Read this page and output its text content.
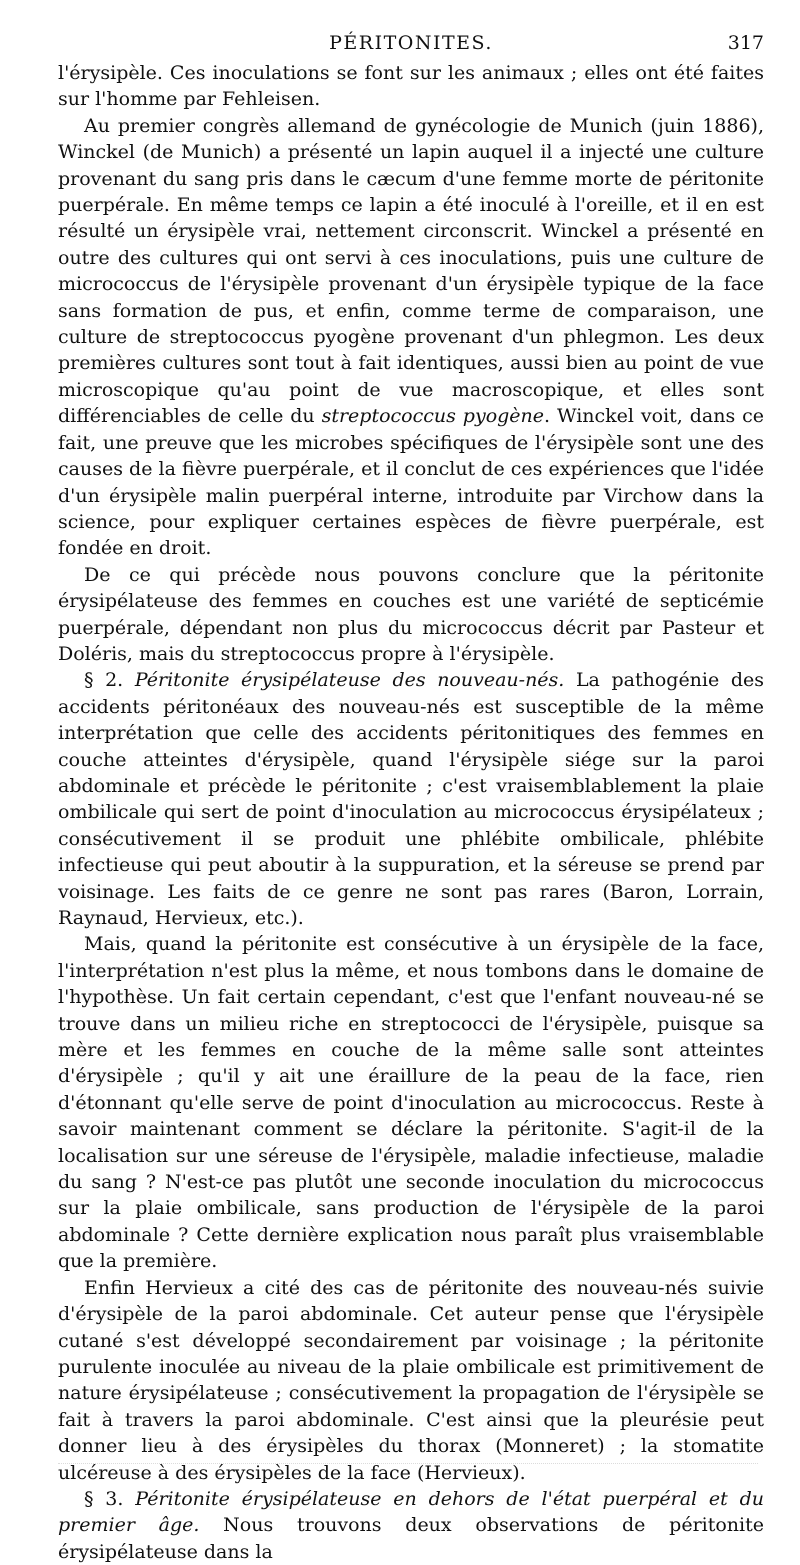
PÉRITONITES.	317

l'érysipèle. Ces inoculations se font sur les animaux ; elles ont été faites sur l'homme par Fehleisen.

Au premier congrès allemand de gynécologie de Munich (juin 1886), Winckel (de Munich) a présenté un lapin auquel il a injecté une culture provenant du sang pris dans le cæcum d'une femme morte de péritonite puerpérale. En même temps ce lapin a été inoculé à l'oreille, et il en est résulté un érysipèle vrai, nettement circonscrit. Winckel a présenté en outre des cultures qui ont servi à ces inoculations, puis une culture de micrococcus de l'érysipèle provenant d'un érysipèle typique de la face sans formation de pus, et enfin, comme terme de comparaison, une culture de streptococcus pyogène provenant d'un phlegmon. Les deux premières cultures sont tout à fait identiques, aussi bien au point de vue microscopique qu'au point de vue macroscopique, et elles sont différenciables de celle du streptococcus pyogène. Winckel voit, dans ce fait, une preuve que les microbes spécifiques de l'érysipèle sont une des causes de la fièvre puerpérale, et il conclut de ces expériences que l'idée d'un érysipèle malin puerpéral interne, introduite par Virchow dans la science, pour expliquer certaines espèces de fièvre puerpérale, est fondée en droit.

De ce qui précède nous pouvons conclure que la péritonite érysipélateuse des femmes en couches est une variété de septicémie puerpérale, dépendant non plus du micrococcus décrit par Pasteur et Doléris, mais du streptococcus propre à l'érysipèle.

§ 2. Péritonite érysipélateuse des nouveau-nés. La pathogénie des accidents péritonéaux des nouveau-nés est susceptible de la même interprétation que celle des accidents péritonitiques des femmes en couche atteintes d'érysipèle, quand l'érysipèle siége sur la paroi abdominale et précède le péritonite ; c'est vraisemblablement la plaie ombilicale qui sert de point d'inoculation au micrococcus érysipélateux ; consécutivement il se produit une phlébite ombilicale, phlébite infectieuse qui peut aboutir à la suppuration, et la séreuse se prend par voisinage. Les faits de ce genre ne sont pas rares (Baron, Lorrain, Raynaud, Hervieux, etc.).

Mais, quand la péritonite est consécutive à un érysipèle de la face, l'interprétation n'est plus la même, et nous tombons dans le domaine de l'hypothèse. Un fait certain cependant, c'est que l'enfant nouveau-né se trouve dans un milieu riche en streptococci de l'érysipèle, puisque sa mère et les femmes en couche de la même salle sont atteintes d'érysipèle ; qu'il y ait une éraillure de la peau de la face, rien d'étonnant qu'elle serve de point d'inoculation au micrococcus. Reste à savoir maintenant comment se déclare la péritonite. S'agit-il de la localisation sur une séreuse de l'érysipèle, maladie infectieuse, maladie du sang ? N'est-ce pas plutôt une seconde inoculation du micrococcus sur la plaie ombilicale, sans production de l'érysipèle de la paroi abdominale ? Cette dernière explication nous paraît plus vraisemblable que la première.

Enfin Hervieux a cité des cas de péritonite des nouveau-nés suivie d'érysipèle de la paroi abdominale. Cet auteur pense que l'érysipèle cutané s'est développé secondairement par voisinage ; la péritonite purulente inoculée au niveau de la plaie ombilicale est primitivement de nature érysipélateuse ; consécutivement la propagation de l'érysipèle se fait à travers la paroi abdominale. C'est ainsi que la pleurésie peut donner lieu à des érysipèles du thorax (Monneret) ; la stomatite ulcéreuse à des érysipèles de la face (Hervieux).

§ 3. Péritonite érysipélateuse en dehors de l'état puerpéral et du premier âge. Nous trouvons deux observations de péritonite érysipélateuse dans la
